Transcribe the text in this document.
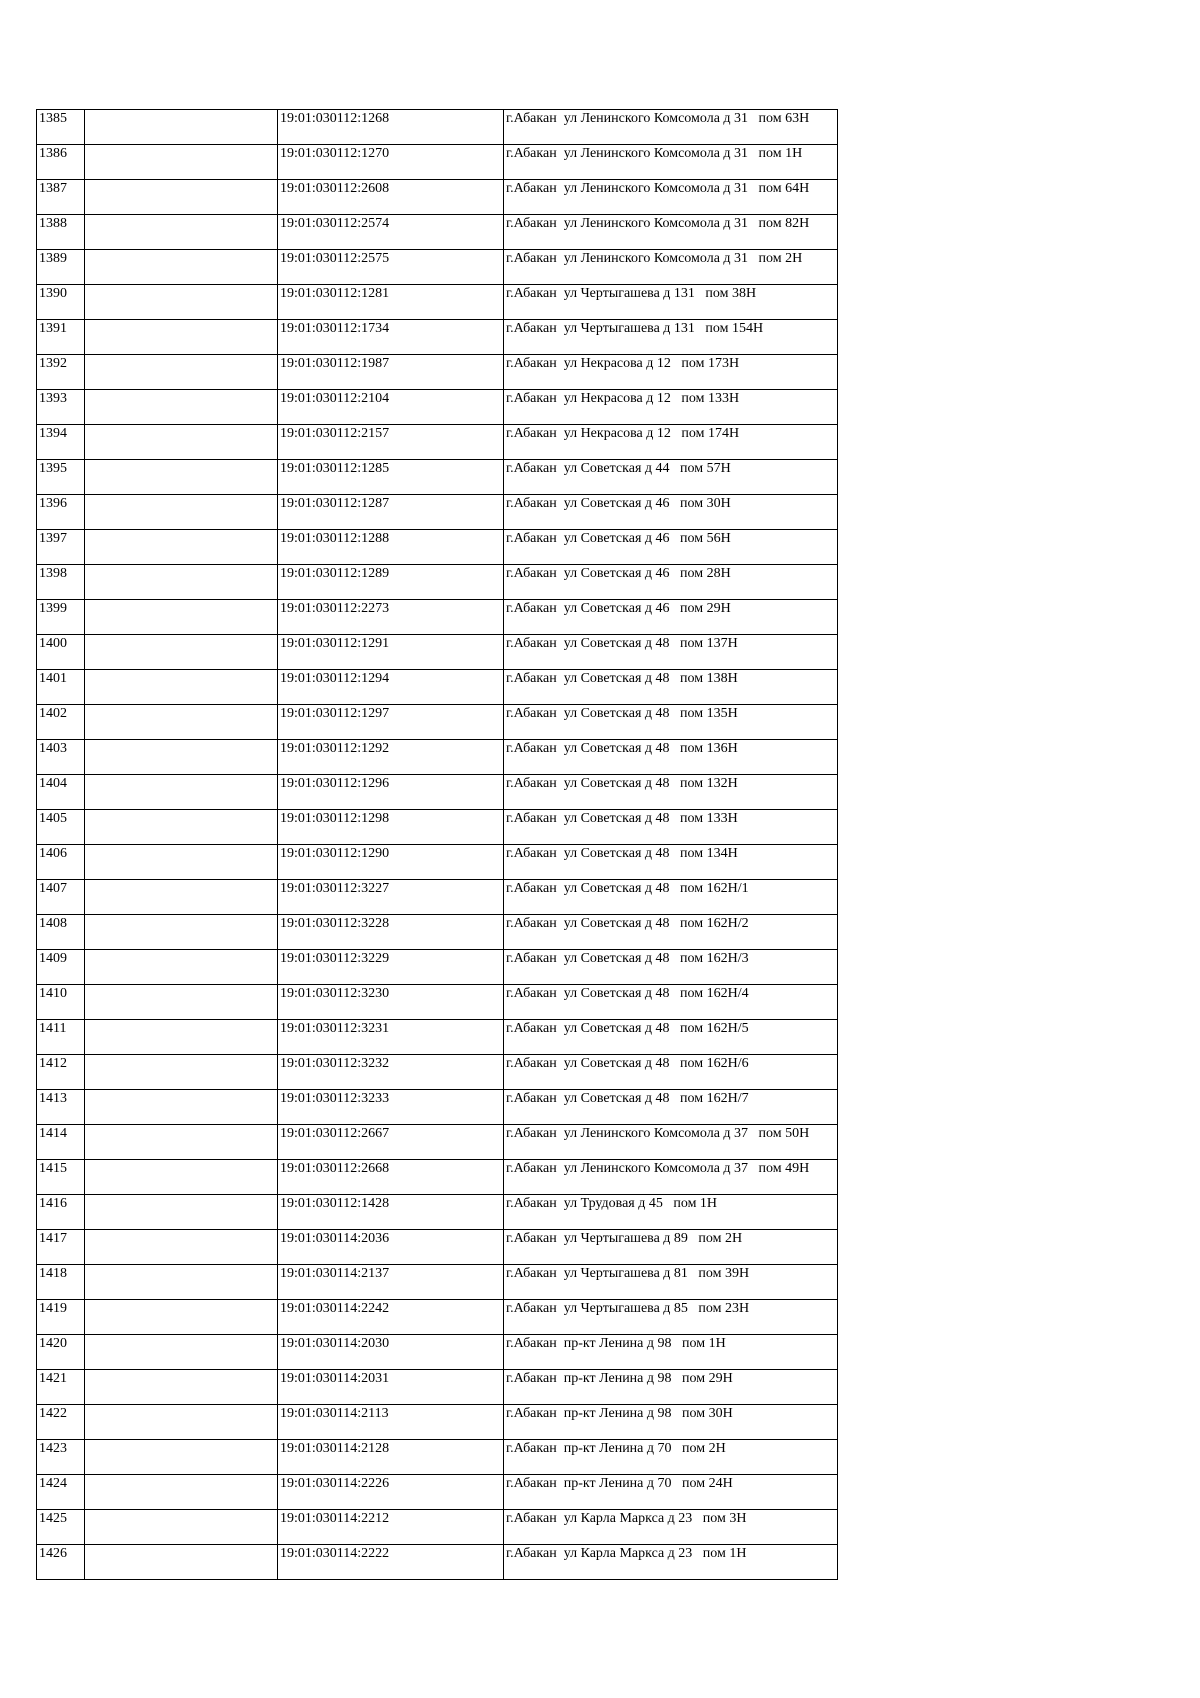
1385		19:01:030112:1268	г.Абакан  ул Ленинского Комсомола д 31   пом 63Н
1386		19:01:030112:1270	г.Абакан  ул Ленинского Комсомола д 31   пом 1Н
1387		19:01:030112:2608	г.Абакан  ул Ленинского Комсомола д 31   пом 64Н
1388		19:01:030112:2574	г.Абакан  ул Ленинского Комсомола д 31   пом 82Н
1389		19:01:030112:2575	г.Абакан  ул Ленинского Комсомола д 31   пом 2Н
1390		19:01:030112:1281	г.Абакан  ул Чертыгашева д 131   пом 38Н
1391		19:01:030112:1734	г.Абакан  ул Чертыгашева д 131   пом 154Н
1392		19:01:030112:1987	г.Абакан  ул Некрасова д 12   пом 173Н
1393		19:01:030112:2104	г.Абакан  ул Некрасова д 12   пом 133Н
1394		19:01:030112:2157	г.Абакан  ул Некрасова д 12   пом 174Н
1395		19:01:030112:1285	г.Абакан  ул Советская д 44   пом 57Н
1396		19:01:030112:1287	г.Абакан  ул Советская д 46   пом 30Н
1397		19:01:030112:1288	г.Абакан  ул Советская д 46   пом 56Н
1398		19:01:030112:1289	г.Абакан  ул Советская д 46   пом 28Н
1399		19:01:030112:2273	г.Абакан  ул Советская д 46   пом 29Н
1400		19:01:030112:1291	г.Абакан  ул Советская д 48   пом 137Н
1401		19:01:030112:1294	г.Абакан  ул Советская д 48   пом 138Н
1402		19:01:030112:1297	г.Абакан  ул Советская д 48   пом 135Н
1403		19:01:030112:1292	г.Абакан  ул Советская д 48   пом 136Н
1404		19:01:030112:1296	г.Абакан  ул Советская д 48   пом 132Н
1405		19:01:030112:1298	г.Абакан  ул Советская д 48   пом 133Н
1406		19:01:030112:1290	г.Абакан  ул Советская д 48   пом 134Н
1407		19:01:030112:3227	г.Абакан  ул Советская д 48   пом 162Н/1
1408		19:01:030112:3228	г.Абакан  ул Советская д 48   пом 162Н/2
1409		19:01:030112:3229	г.Абакан  ул Советская д 48   пом 162Н/3
1410		19:01:030112:3230	г.Абакан  ул Советская д 48   пом 162Н/4
1411		19:01:030112:3231	г.Абакан  ул Советская д 48   пом 162Н/5
1412		19:01:030112:3232	г.Абакан  ул Советская д 48   пом 162Н/6
1413		19:01:030112:3233	г.Абакан  ул Советская д 48   пом 162Н/7
1414		19:01:030112:2667	г.Абакан  ул Ленинского Комсомола д 37   пом 50Н
1415		19:01:030112:2668	г.Абакан  ул Ленинского Комсомола д 37   пом 49Н
1416		19:01:030112:1428	г.Абакан  ул Трудовая д 45   пом 1Н
1417		19:01:030114:2036	г.Абакан  ул Чертыгашева д 89   пом 2Н
1418		19:01:030114:2137	г.Абакан  ул Чертыгашева д 81   пом 39Н
1419		19:01:030114:2242	г.Абакан  ул Чертыгашева д 85   пом 23Н
1420		19:01:030114:2030	г.Абакан  пр-кт Ленина д 98   пом 1Н
1421		19:01:030114:2031	г.Абакан  пр-кт Ленина д 98   пом 29Н
1422		19:01:030114:2113	г.Абакан  пр-кт Ленина д 98   пом 30Н
1423		19:01:030114:2128	г.Абакан  пр-кт Ленина д 70   пом 2Н
1424		19:01:030114:2226	г.Абакан  пр-кт Ленина д 70   пом 24Н
1425		19:01:030114:2212	г.Абакан  ул Карла Маркса д 23   пом 3Н
1426		19:01:030114:2222	г.Абакан  ул Карла Маркса д 23   пом 1Н
